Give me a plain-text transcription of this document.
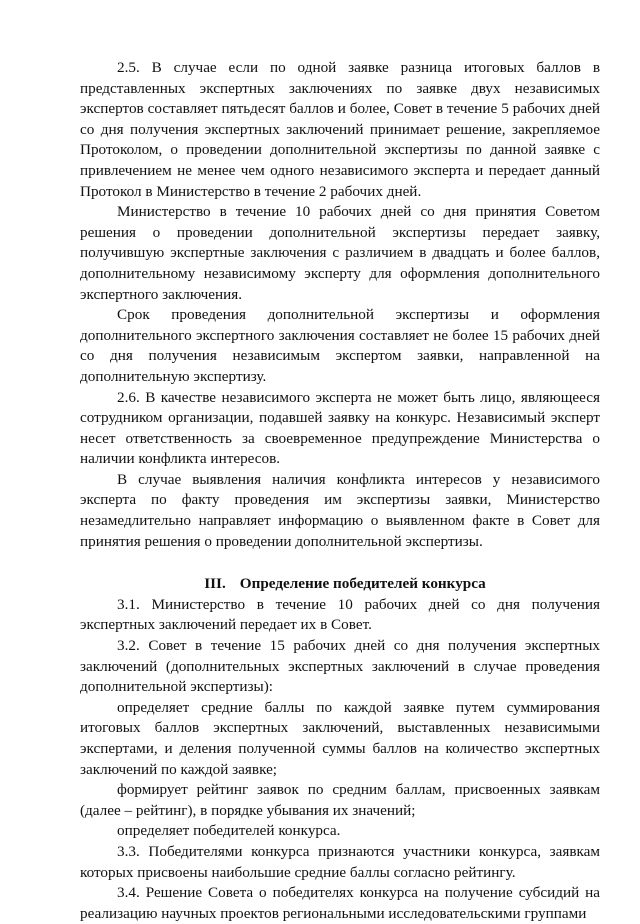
2.5. В случае если по одной заявке разница итоговых баллов в представленных экспертных заключениях по заявке двух независимых экспертов составляет пятьдесят баллов и более, Совет в течение 5 рабочих дней со дня получения экспертных заключений принимает решение, закрепляемое Протоколом, о проведении дополнительной экспертизы по данной заявке с привлечением не менее чем одного независимого эксперта и передает данный Протокол в Министерство в течение 2 рабочих дней.

Министерство в течение 10 рабочих дней со дня принятия Советом решения о проведении дополнительной экспертизы передает заявку, получившую экспертные заключения с различием в двадцать и более баллов, дополнительному независимому эксперту для оформления дополнительного экспертного заключения.

Срок проведения дополнительной экспертизы и оформления дополнительного экспертного заключения составляет не более 15 рабочих дней со дня получения независимым экспертом заявки, направленной на дополнительную экспертизу.

2.6. В качестве независимого эксперта не может быть лицо, являющееся сотрудником организации, подавшей заявку на конкурс. Независимый эксперт несет ответственность за своевременное предупреждение Министерства о наличии конфликта интересов.

В случае выявления наличия конфликта интересов у независимого эксперта по факту проведения им экспертизы заявки, Министерство незамедлительно направляет информацию о выявленном факте в Совет для принятия решения о проведении дополнительной экспертизы.

III. Определение победителей конкурса

3.1. Министерство в течение 10 рабочих дней со дня получения экспертных заключений передает их в Совет.

3.2. Совет в течение 15 рабочих дней со дня получения экспертных заключений (дополнительных экспертных заключений в случае проведения дополнительной экспертизы):

определяет средние баллы по каждой заявке путем суммирования итоговых баллов экспертных заключений, выставленных независимыми экспертами, и деления полученной суммы баллов на количество экспертных заключений по каждой заявке;

формирует рейтинг заявок по средним баллам, присвоенных заявкам (далее – рейтинг), в порядке убывания их значений;

определяет победителей конкурса.

3.3. Победителями конкурса признаются участники конкурса, заявкам которых присвоены наибольшие средние баллы согласно рейтингу.

3.4. Решение Совета о победителях конкурса на получение субсидий на реализацию научных проектов региональными исследовательскими группами
